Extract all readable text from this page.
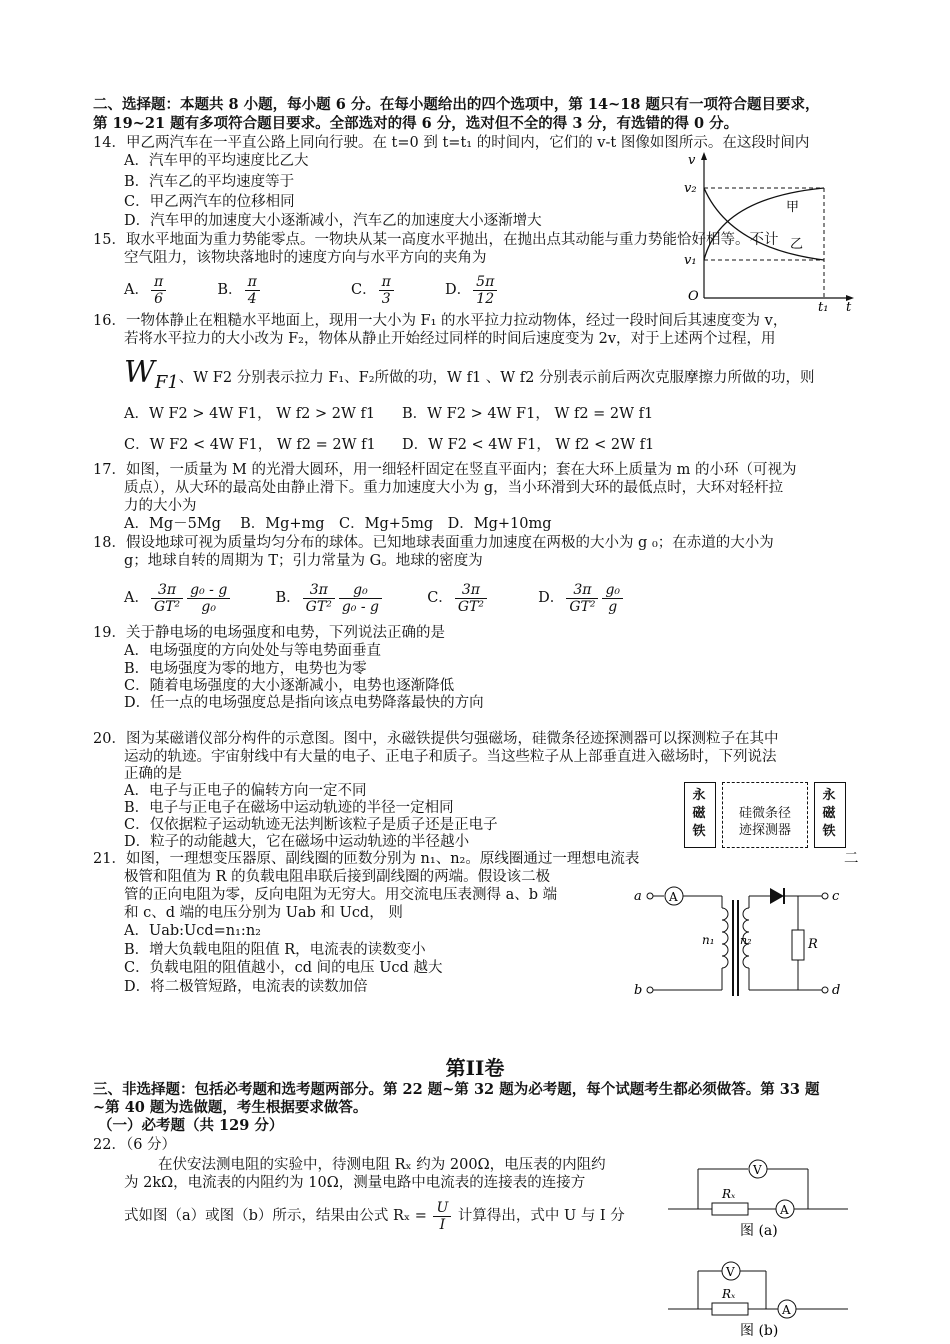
二、选择题：本题共 8 小题，每小题 6 分。在每小题给出的四个选项中，第 14~18 题只有一项符合题目要求，
第 19~21 题有多项符合题目要求。全部选对的得 6 分，选对但不全的得 3 分，有选错的得 0 分。
14．甲乙两汽车在一平直公路上同向行驶。在 t=0 到 t=t₁ 的时间内，它们的 v-t 图像如图所示。在这段时间内
A．汽车甲的平均速度比乙大
B．汽车乙的平均速度等于
C．甲乙两汽车的位移相同
D．汽车甲的加速度大小逐渐减小，汽车乙的加速度大小逐渐增大
v
v₂
v₁
O
t₁ t
甲
乙
15．取水平地面为重力势能零点。一物块从某一高度水平抛出，在抛出点其动能与重力势能恰好相等。不计
空气阻力，该物块落地时的速度方向与水平方向的夹角为
A． $\frac{\pi}{6}$	B． $\frac{\pi}{4}$	C． $\frac{\pi}{3}$	D． $\frac{5\pi}{12}$
16．一物体静止在粗糙水平地面上，现用一大小为 F₁ 的水平拉力拉动物体，经过一段时间后其速度变为 v，
若将水平拉力的大小改为 F₂，物体从静止开始经过同样的时间后速度变为 2v，对于上述两个过程，用
WF1、W F2 分别表示拉力 F₁、F₂所做的功，W f1 、W f2 分别表示前后两次克服摩擦力所做的功，则
A．W F2 > 4W F1， W f2 > 2W f1 B．W F2 > 4W F1， W f2 = 2W f1
C．W F2 < 4W F1， W f2 = 2W f1 D．W F2 < 4W F1， W f2 < 2W f1
17．如图，一质量为 M 的光滑大圆环，用一细轻杆固定在竖直平面内；套在大环上质量为 m 的小环（可视为
质点），从大环的最高处由静止滑下。重力加速度大小为 g，当小环滑到大环的最低点时，大环对轻杆拉
力的大小为
A．Mg－5Mg　 B．Mg+mg　C．Mg+5mg　D．Mg+10mg
18．假设地球可视为质量均匀分布的球体。已知地球表面重力加速度在两极的大小为 g ₀；在赤道的大小为
g；地球自转的周期为 T；引力常量为 G。地球的密度为
A． $\frac{3\pi}{\text{GT²}} \frac{\text{g₀ - g}}{\text{g₀}}$	B． $\frac{3\pi}{\text{GT²}} \frac{\text{g₀}}{\text{g₀ - g}}$	C． $\frac{3\pi}{\text{GT²}}$	D． $\frac{3\pi}{\text{GT²}} \frac{\text{g₀}}{g}$
19．关于静电场的电场强度和电势，下列说法正确的是
A．电场强度的方向处处与等电势面垂直
B．电场强度为零的地方，电势也为零
C．随着电场强度的大小逐渐减小，电势也逐渐降低
D．任一点的电场强度总是指向该点电势降落最快的方向
20．图为某磁谱仪部分构件的示意图。图中，永磁铁提供匀强磁场，硅微条径迹探测器可以探测粒子在其中
运动的轨迹。宇宙射线中有大量的电子、正电子和质子。当这些粒子从上部垂直进入磁场时，下列说法
正确的是
A．电子与正电子的偏转方向一定不同
B．电子与正电子在磁场中运动轨迹的半径一定相同
C．仅依据粒子运动轨迹无法判断该粒子是质子还是正电子
D．粒子的动能越大，它在磁场中运动轨迹的半径越小
永磁铁
硅微条径
迹探测器
永磁铁
21．如图，一理想变压器原、副线圈的匝数分别为 n₁、n₂。原线圈通过一理想电流表	二
极管和阻值为 R 的负载电阻串联后接到副线圈的两端。假设该二极
管的正向电阻为零，反向电阻为无穷大。用交流电压表测得 a、b 端
和 c、d 端的电压分别为 Uab 和 Ucd， 则
A．Uab:Ucd=n₁:n₂
B．增大负载电阻的阻值 R，电流表的读数变小
C．负载电阻的阻值越小，cd 间的电压 Ucd 越大
D．将二极管短路，电流表的读数加倍
A
a
b
c
d
n₁ n₂	R
第II卷
三、非选择题：包括必考题和选考题两部分。第 22 题~第 32 题为必考题，每个试题考生都必须做答。第 33 题
~第 40 题为选做题，考生根据要求做答。
（一）必考题（共 129 分）
22．（6 分）
在伏安法测电阻的实验中，待测电阻 Rₓ 约为 200Ω，电压表的内阻约
为 2kΩ，电流表的内阻约为 10Ω，测量电路中电流表的连接表的连接方
式如图（a）或图（b）所示，结果由公式 $R_x = \frac{U}{I}$ 计算得出，式中 U 与 I 分
V
A
Rₓ
图 (a)
V
A
Rₓ
图 (b)
